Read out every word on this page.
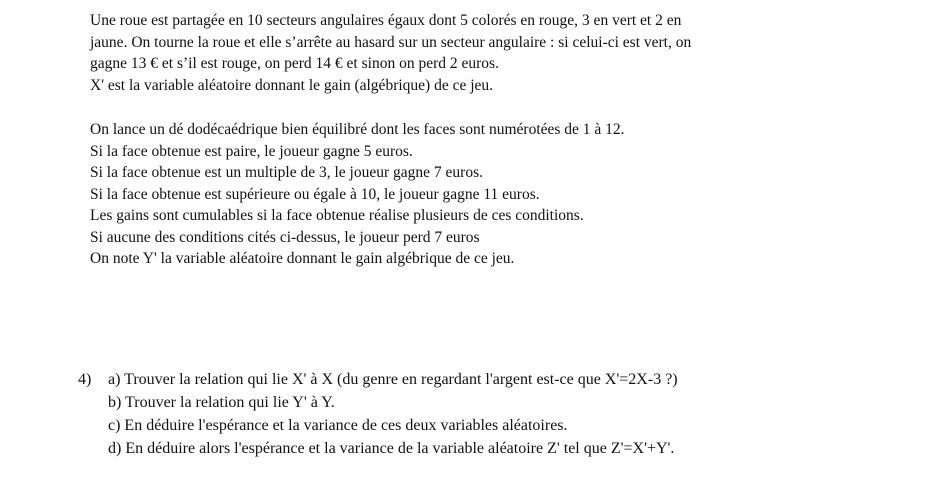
Une roue est partagée en 10 secteurs angulaires égaux dont 5 colorés en rouge, 3 en vert et 2 en
jaune. On tourne la roue et elle s’arrête au hasard sur un secteur angulaire : si celui-ci est vert, on
gagne 13 € et s’il est rouge, on perd 14 € et sinon on perd 2 euros.
X' est la variable aléatoire donnant le gain (algébrique) de ce jeu.
On lance un dé dodécaédrique bien équilibré dont les faces sont numérotées de 1 à 12.
Si la face obtenue est paire, le joueur gagne 5 euros.
Si la face obtenue est un multiple de 3, le joueur gagne 7 euros.
Si la face obtenue est supérieure ou égale à 10, le joueur gagne 11 euros.
Les gains sont cumulables si la face obtenue réalise plusieurs de ces conditions.
Si aucune des conditions cités ci-dessus, le joueur perd 7 euros
On note Y' la variable aléatoire donnant le gain algébrique de ce jeu.
4)	a) Trouver la relation qui lie X' à X (du genre en regardant l'argent est-ce que X'=2X-3 ?)
b) Trouver la relation qui lie Y' à Y.
c) En déduire l'espérance et la variance de ces deux variables aléatoires.
d) En déduire alors l'espérance et la variance de la variable aléatoire Z' tel que Z'=X'+Y'.
